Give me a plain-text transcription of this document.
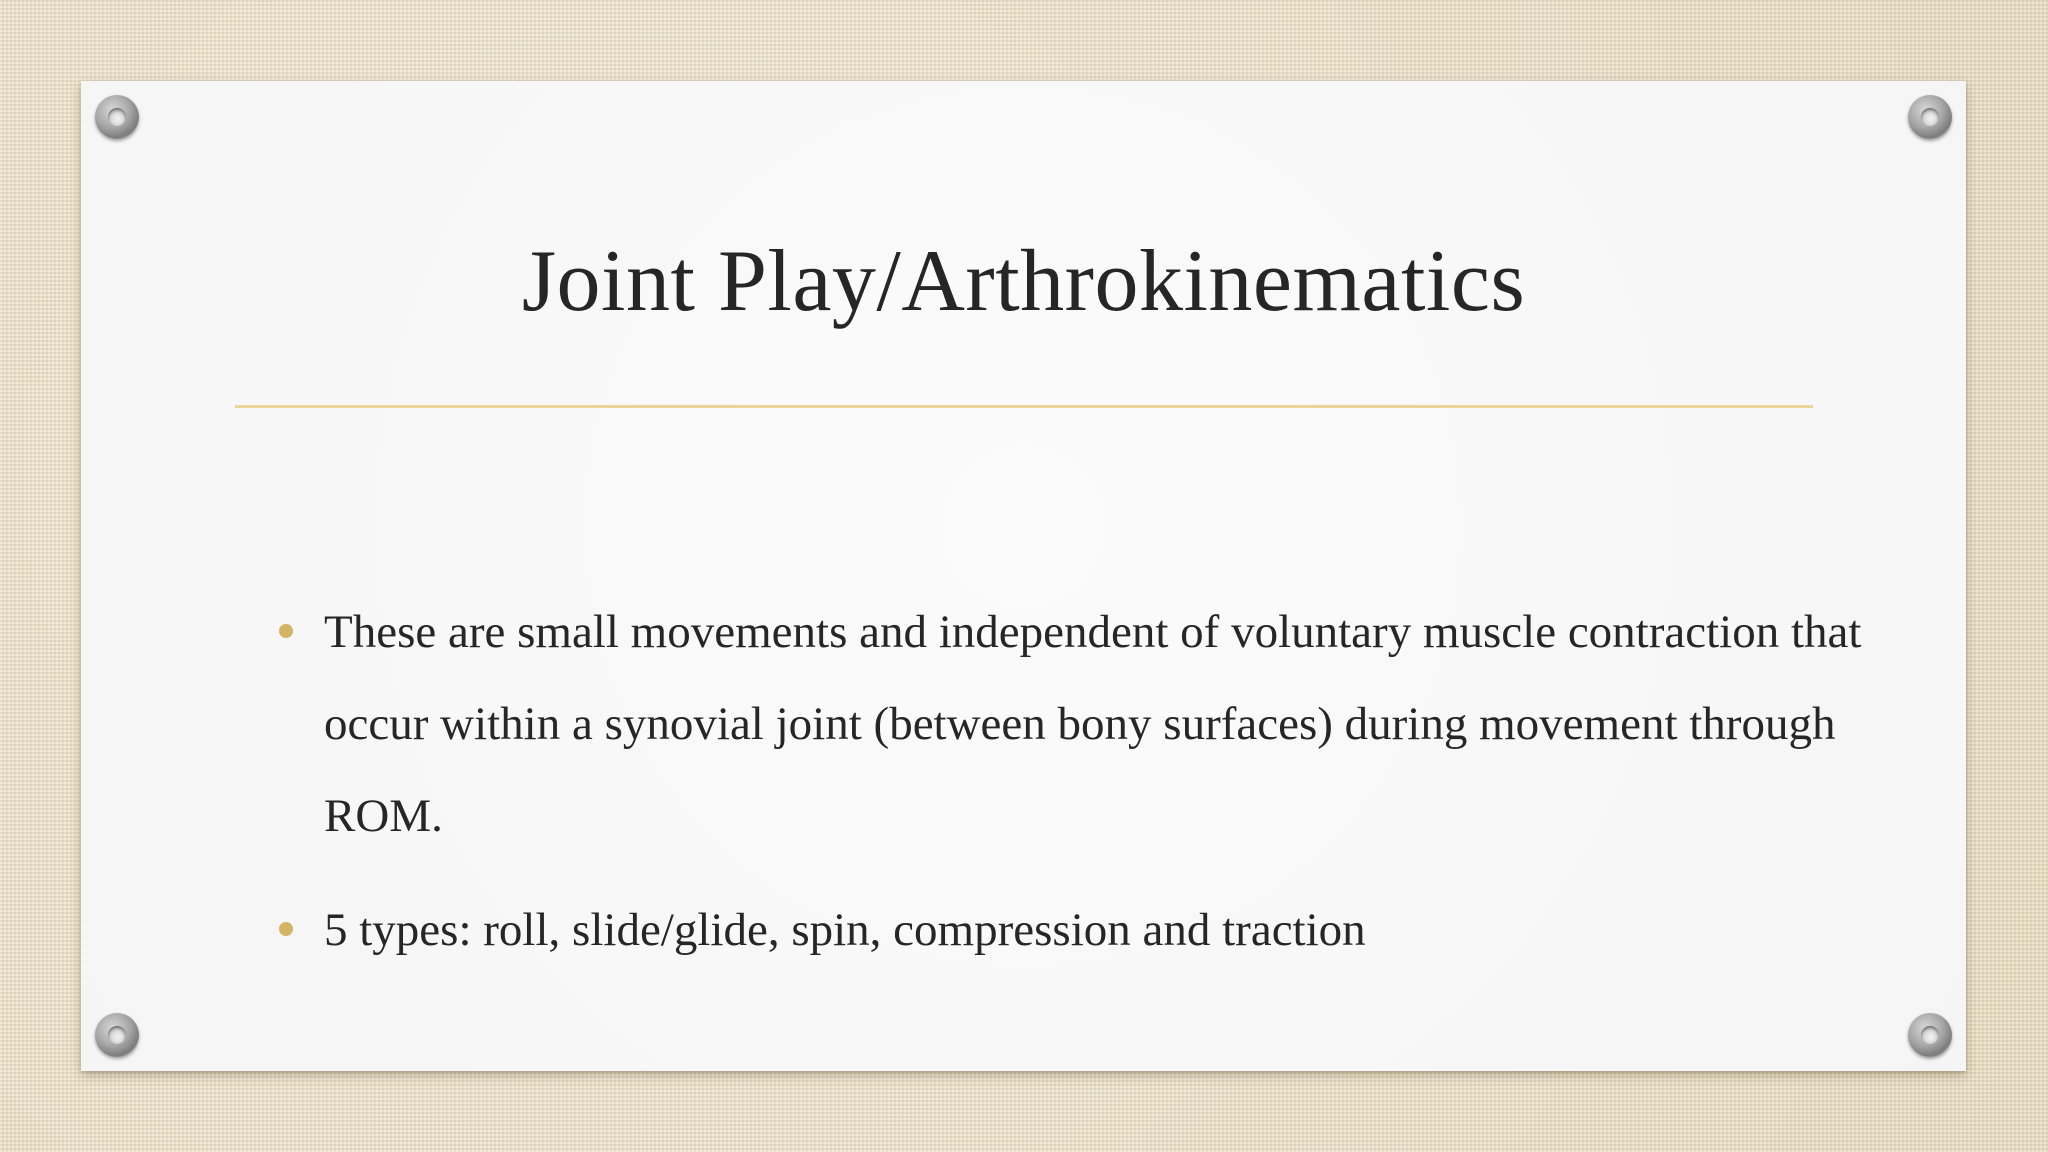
Joint Play/Arthrokinematics
These are small movements and independent of voluntary muscle contraction that occur within a synovial joint (between bony surfaces) during movement through ROM.
5 types: roll, slide/glide, spin, compression and traction
